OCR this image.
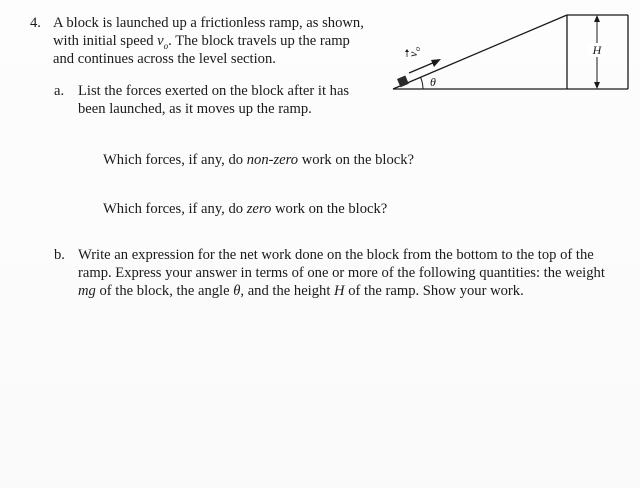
4. A block is launched up a frictionless ramp, as shown,
with initial speed $v_o$. The block travels up the ramp
and continues across the level section.	v
o
θ
H
a. List the forces exerted on the block after it has
been launched, as it moves up the ramp.
Which forces, if any, do non-zero work on the block?
Which forces, if any, do zero work on the block?
b. Write an expression for the net work done on the block from the bottom to the top of the
ramp. Express your answer in terms of one or more of the following quantities: the weight
mg of the block, the angle θ, and the height H of the ramp. Show your work.
